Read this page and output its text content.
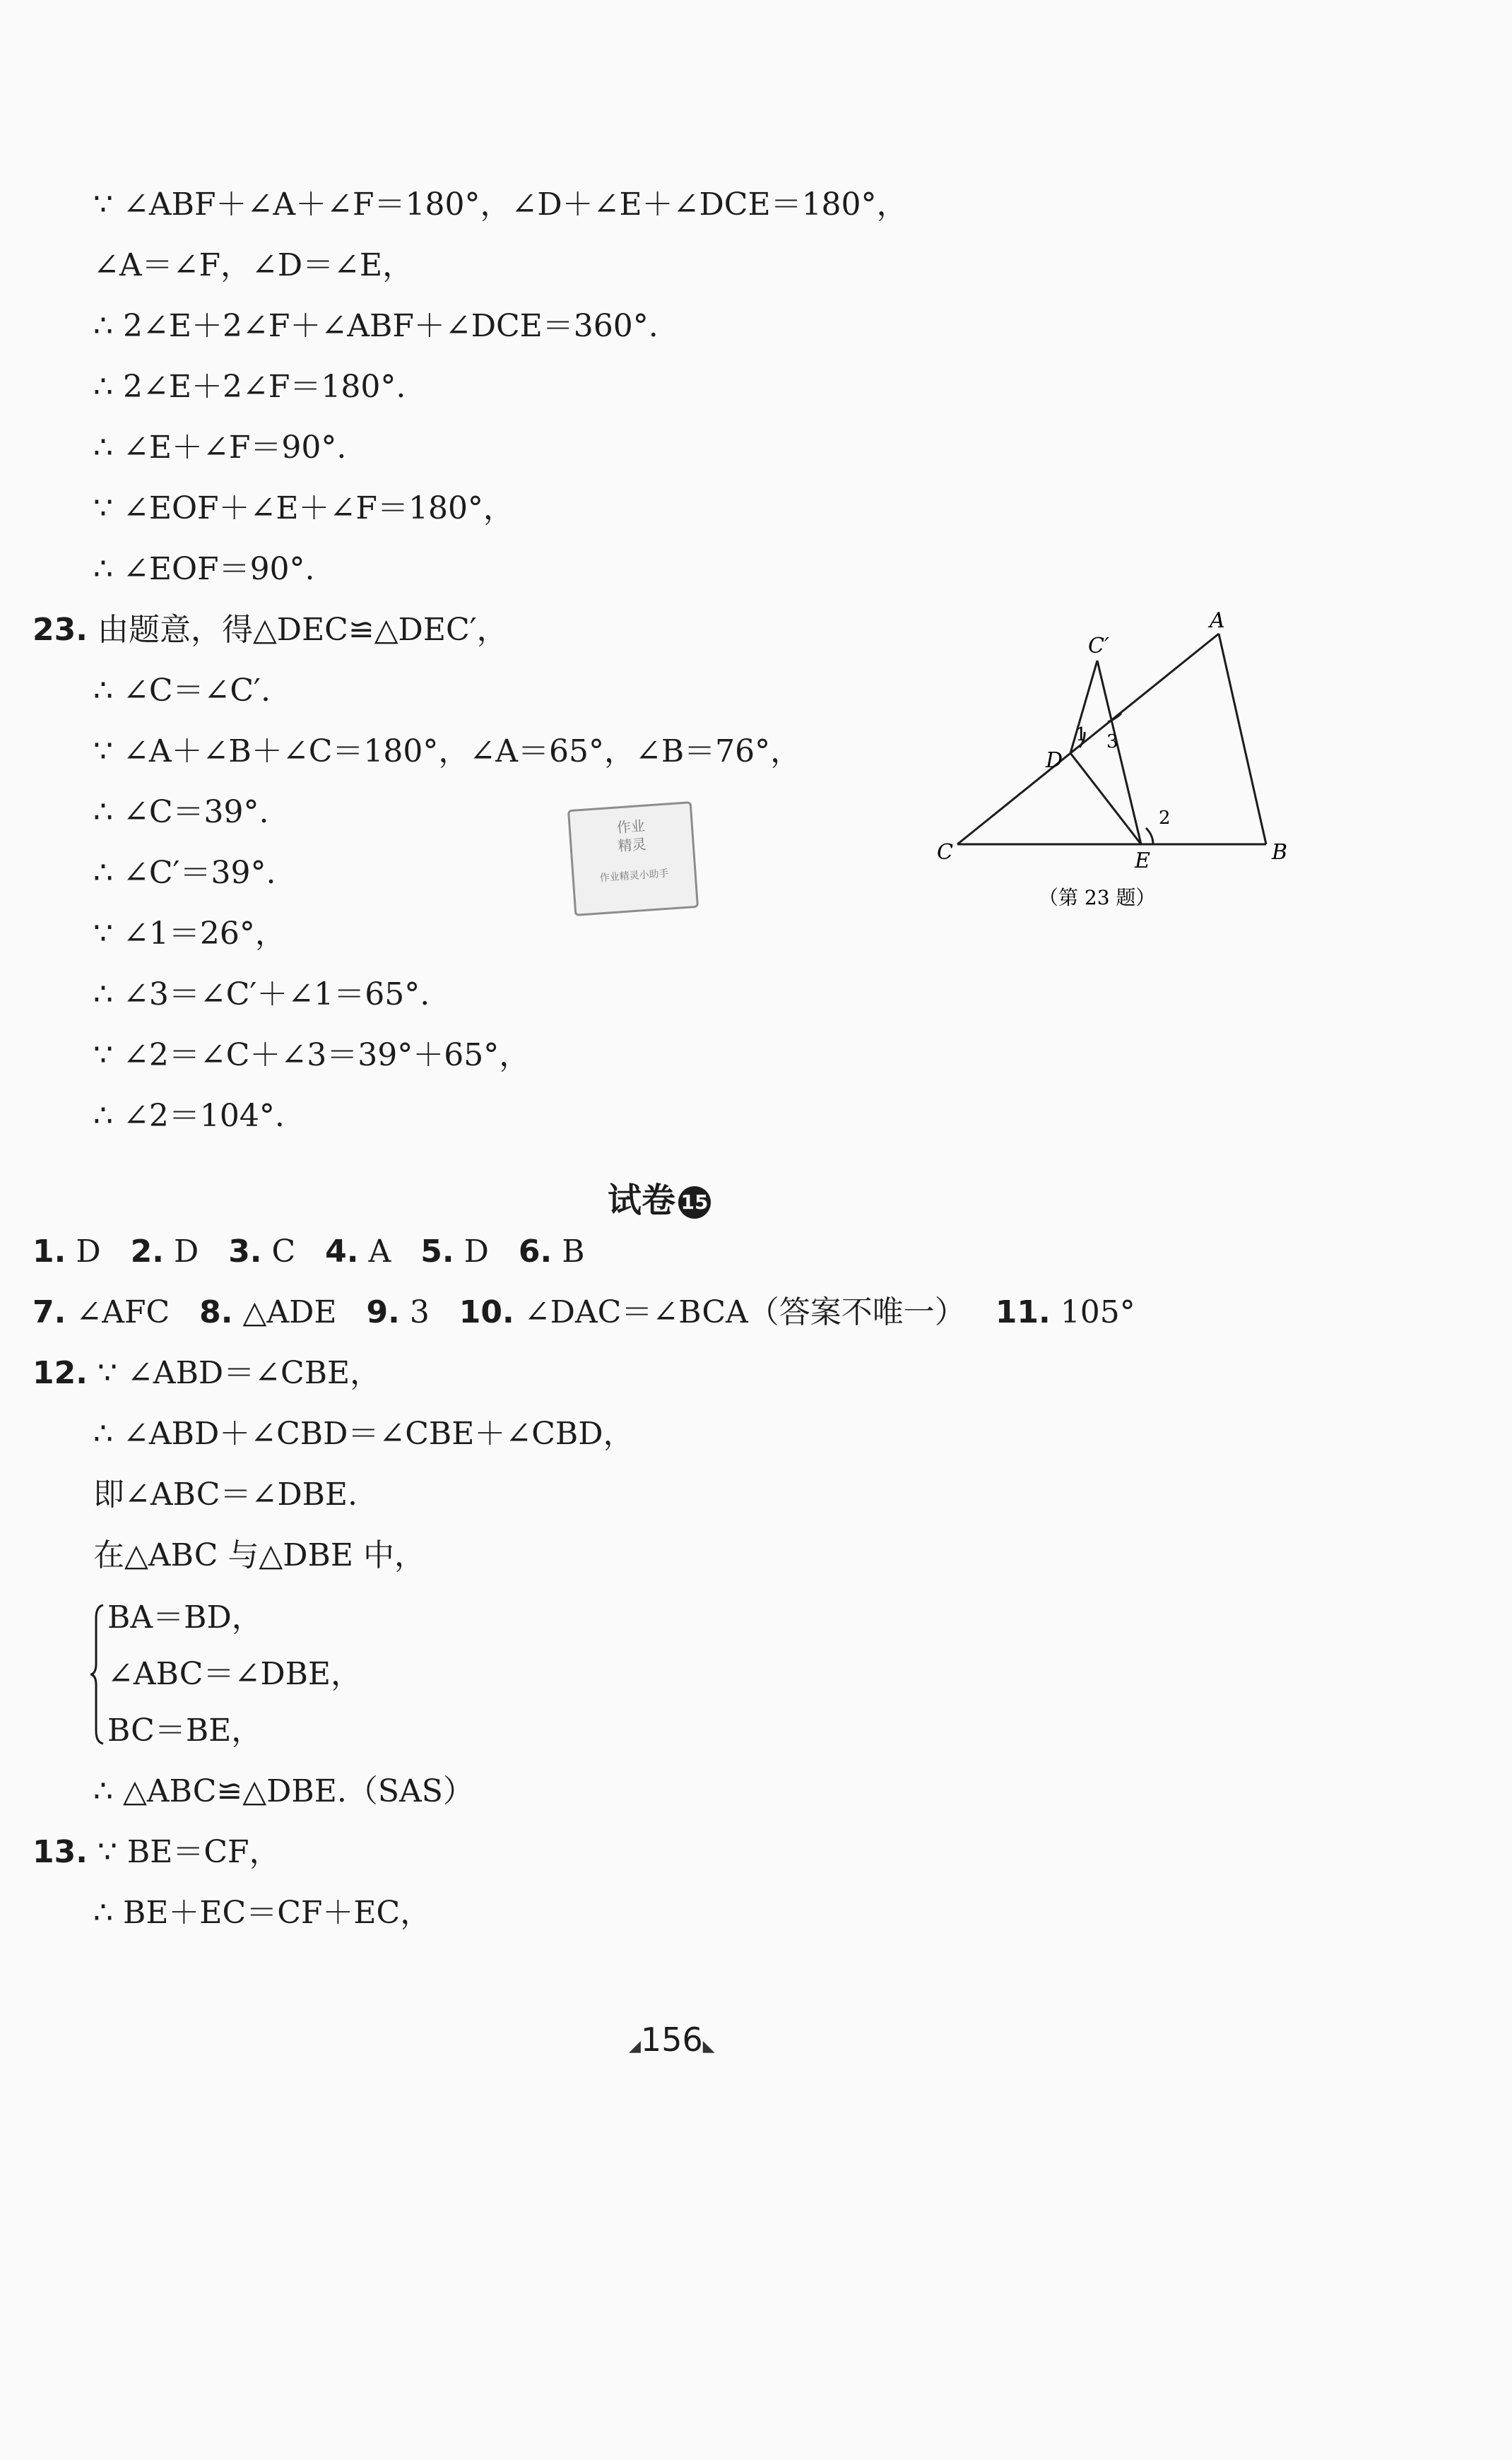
∵ ∠ABF＋∠A＋∠F＝180°，∠D＋∠E＋∠DCE＝180°，
∠A＝∠F，∠D＝∠E，
∴ 2∠E＋2∠F＋∠ABF＋∠DCE＝360°.
∴ 2∠E＋2∠F＝180°.
∴ ∠E＋∠F＝90°.
∵ ∠EOF＋∠E＋∠F＝180°，
∴ ∠EOF＝90°.
23. 由题意，得△DEC≌△DEC′，
∴ ∠C＝∠C′.
∵ ∠A＋∠B＋∠C＝180°，∠A＝65°，∠B＝76°，
∴ ∠C＝39°.
∴ ∠C′＝39°.
∵ ∠1＝26°，
∴ ∠3＝∠C′＋∠1＝65°.
∵ ∠2＝∠C＋∠3＝39°＋65°，
∴ ∠2＝104°.
作业
精灵
作业精灵小助手
A
B
C
D
E
C′
1
2
3
（第 23 题）
试卷 15
1. D 2. D 3. C 4. A 5. D 6. B
7. ∠AFC 8. △ADE 9. 3 10. ∠DAC＝∠BCA（答案不唯一） 11. 105°
12. ∵ ∠ABD＝∠CBE，
∴ ∠ABD＋∠CBD＝∠CBE＋∠CBD，
即∠ABC＝∠DBE.
在△ABC 与△DBE 中，
BA＝BD，
∠ABC＝∠DBE，
BC＝BE，
∴ △ABC≌△DBE.（SAS）
13. ∵ BE＝CF，
∴ BE＋EC＝CF＋EC，
◢156◣
